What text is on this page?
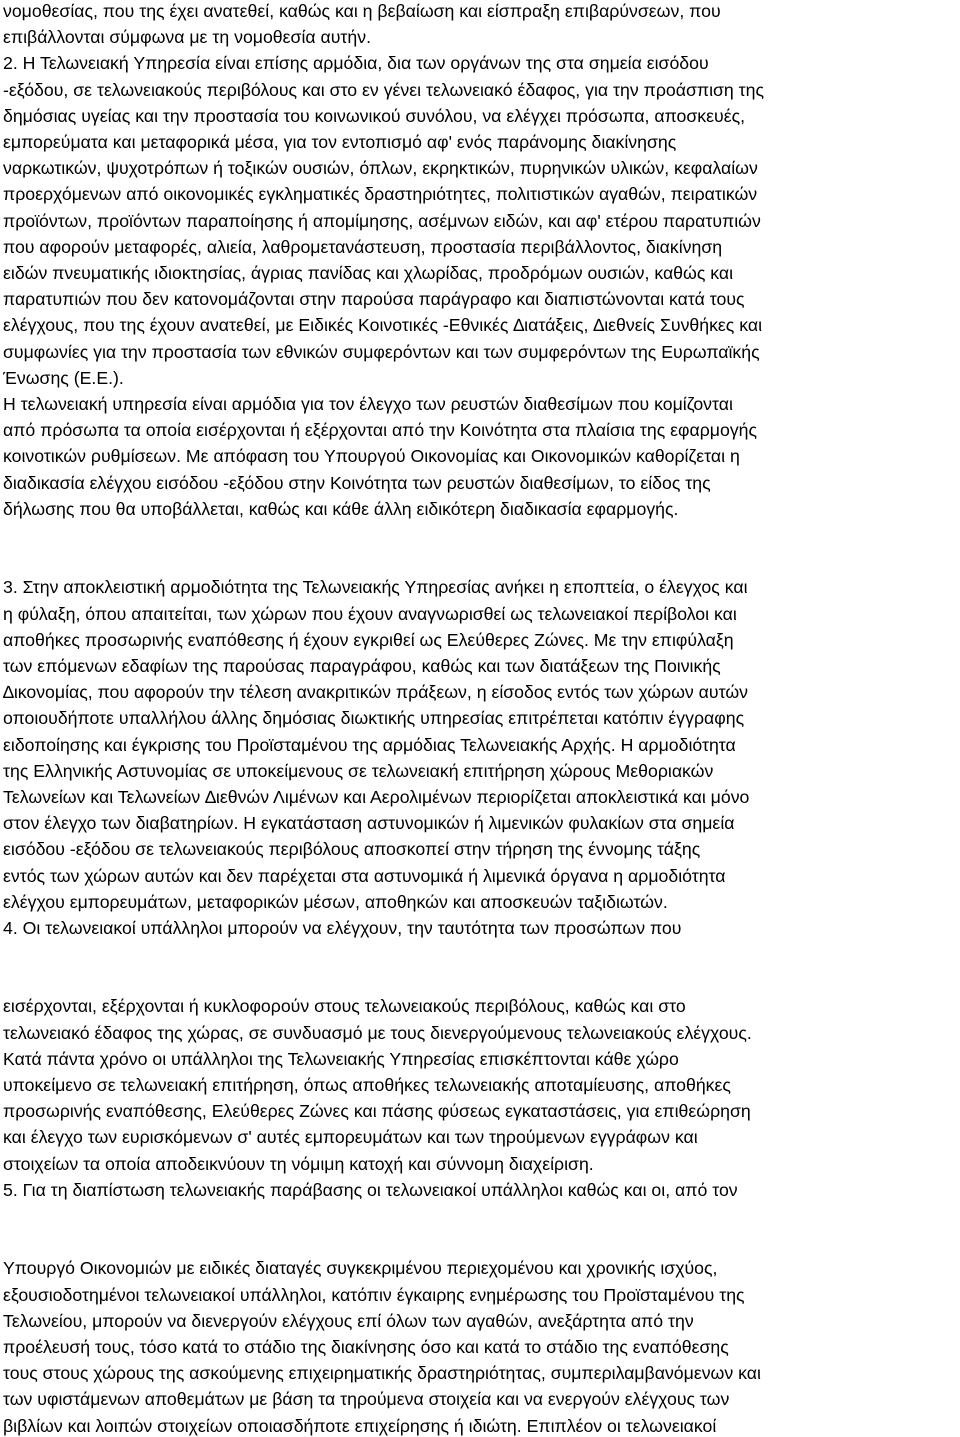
νομοθεσίας, που της έχει ανατεθεί, καθώς και η βεβαίωση και είσπραξη επιβαρύνσεων, που
επιβάλλονται σύμφωνα με τη νομοθεσία αυτήν.
2. Η Τελωνειακή Υπηρεσία είναι επίσης αρμόδια, δια των οργάνων της στα σημεία εισόδου
-εξόδου, σε τελωνειακούς περιβόλους και στο εν γένει τελωνειακό έδαφος, για την προάσπιση της
δημόσιας υγείας και την προστασία του κοινωνικού συνόλου, να ελέγχει πρόσωπα, αποσκευές,
εμπορεύματα και μεταφορικά μέσα, για τον εντοπισμό αφ' ενός παράνομης διακίνησης
ναρκωτικών, ψυχοτρόπων ή τοξικών ουσιών, όπλων, εκρηκτικών, πυρηνικών υλικών, κεφαλαίων
προερχόμενων από οικονομικές εγκληματικές δραστηριότητες, πολιτιστικών αγαθών, πειρατικών
προϊόντων, προϊόντων παραποίησης ή απομίμησης, ασέμνων ειδών, και αφ' ετέρου παρατυπιών
που αφορούν μεταφορές, αλιεία, λαθρομετανάστευση, προστασία περιβάλλοντος, διακίνηση
ειδών πνευματικής ιδιοκτησίας, άγριας πανίδας και χλωρίδας, προδρόμων ουσιών, καθώς και
παρατυπιών που δεν κατονομάζονται στην παρούσα παράγραφο και διαπιστώνονται κατά τους
ελέγχους, που της έχουν ανατεθεί, με Ειδικές Κοινοτικές -Εθνικές ∆ιατάξεις, ∆ιεθνείς Συνθήκες και
συμφωνίες για την προστασία των εθνικών συμφερόντων και των συμφερόντων της Ευρωπαϊκής
Ένωσης (Ε.Ε.).
Η τελωνειακή υπηρεσία είναι αρμόδια για τον έλεγχο των ρευστών διαθεσίμων που κομίζονται
από πρόσωπα τα οποία εισέρχονται ή εξέρχονται από την Κοινότητα στα πλαίσια της εφαρμογής
κοινοτικών ρυθμίσεων. Με απόφαση του Υπουργού Οικονομίας και Οικονομικών καθορίζεται η
διαδικασία ελέγχου εισόδου -εξόδου στην Κοινότητα των ρευστών διαθεσίμων, το είδος της
δήλωσης που θα υποβάλλεται, καθώς και κάθε άλλη ειδικότερη διαδικασία εφαρμογής.
3. Στην αποκλειστική αρμοδιότητα της Τελωνειακής Υπηρεσίας ανήκει η εποπτεία, ο έλεγχος και
η φύλαξη, όπου απαιτείται, των χώρων που έχουν αναγνωρισθεί ως τελωνειακοί περίβολοι και
αποθήκες προσωρινής εναπόθεσης ή έχουν εγκριθεί ως Ελεύθερες Ζώνες. Με την επιφύλαξη
των επόμενων εδαφίων της παρούσας παραγράφου, καθώς και των διατάξεων της Ποινικής
∆ικονομίας, που αφορούν την τέλεση ανακριτικών πράξεων, η είσοδος εντός των χώρων αυτών
οποιουδήποτε υπαλλήλου άλλης δημόσιας διωκτικής υπηρεσίας επιτρέπεται κατόπιν έγγραφης
ειδοποίησης και έγκρισης του Προϊσταμένου της αρμόδιας Τελωνειακής Αρχής. Η αρμοδιότητα
της Ελληνικής Αστυνομίας σε υποκείμενους σε τελωνειακή επιτήρηση χώρους Μεθοριακών
Τελωνείων και Τελωνείων ∆ιεθνών Λιμένων και Αερολιμένων περιορίζεται αποκλειστικά και μόνο
στον έλεγχο των διαβατηρίων. Η εγκατάσταση αστυνομικών ή λιμενικών φυλακίων στα σημεία
εισόδου -εξόδου σε τελωνειακούς περιβόλους αποσκοπεί στην τήρηση της έννομης τάξης
εντός των χώρων αυτών και δεν παρέχεται στα αστυνομικά ή λιμενικά όργανα η αρμοδιότητα
ελέγχου εμπορευμάτων, μεταφορικών μέσων, αποθηκών και αποσκευών ταξιδιωτών.
4. Οι τελωνειακοί υπάλληλοι μπορούν να ελέγχουν, την ταυτότητα των προσώπων που
εισέρχονται, εξέρχονται ή κυκλοφορούν στους τελωνειακούς περιβόλους, καθώς και στο
τελωνειακό έδαφος της χώρας, σε συνδυασμό με τους διενεργούμενους τελωνειακούς ελέγχους.
Κατά πάντα χρόνο οι υπάλληλοι της Τελωνειακής Υπηρεσίας επισκέπτονται κάθε χώρο
υποκείμενο σε τελωνειακή επιτήρηση, όπως αποθήκες τελωνειακής αποταμίευσης, αποθήκες
προσωρινής εναπόθεσης, Ελεύθερες Ζώνες και πάσης φύσεως εγκαταστάσεις, για επιθεώρηση
και έλεγχο των ευρισκόμενων σ' αυτές εμπορευμάτων και των τηρούμενων εγγράφων και
στοιχείων τα οποία αποδεικνύουν τη νόμιμη κατοχή και σύννομη διαχείριση.
5. Για τη διαπίστωση τελωνειακής παράβασης οι τελωνειακοί υπάλληλοι καθώς και οι, από τον
Υπουργό Οικονομιών με ειδικές διαταγές συγκεκριμένου περιεχομένου και χρονικής ισχύος,
εξουσιοδοτημένοι τελωνειακοί υπάλληλοι, κατόπιν έγκαιρης ενημέρωσης του Προϊσταμένου της
Τελωνείου, μπορούν να διενεργούν ελέγχους επί όλων των αγαθών, ανεξάρτητα από την
προέλευσή τους, τόσο κατά το στάδιο της διακίνησης όσο και κατά το στάδιο της εναπόθεσης
τους στους χώρους της ασκούμενης επιχειρηματικής δραστηριότητας, συμπεριλαμβανόμενων και
των υφιστάμενων αποθεμάτων με βάση τα τηρούμενα στοιχεία και να ενεργούν ελέγχους των
βιβλίων και λοιπών στοιχείων οποιασδήποτε επιχείρησης ή ιδιώτη. Επιπλέον οι τελωνειακοί
